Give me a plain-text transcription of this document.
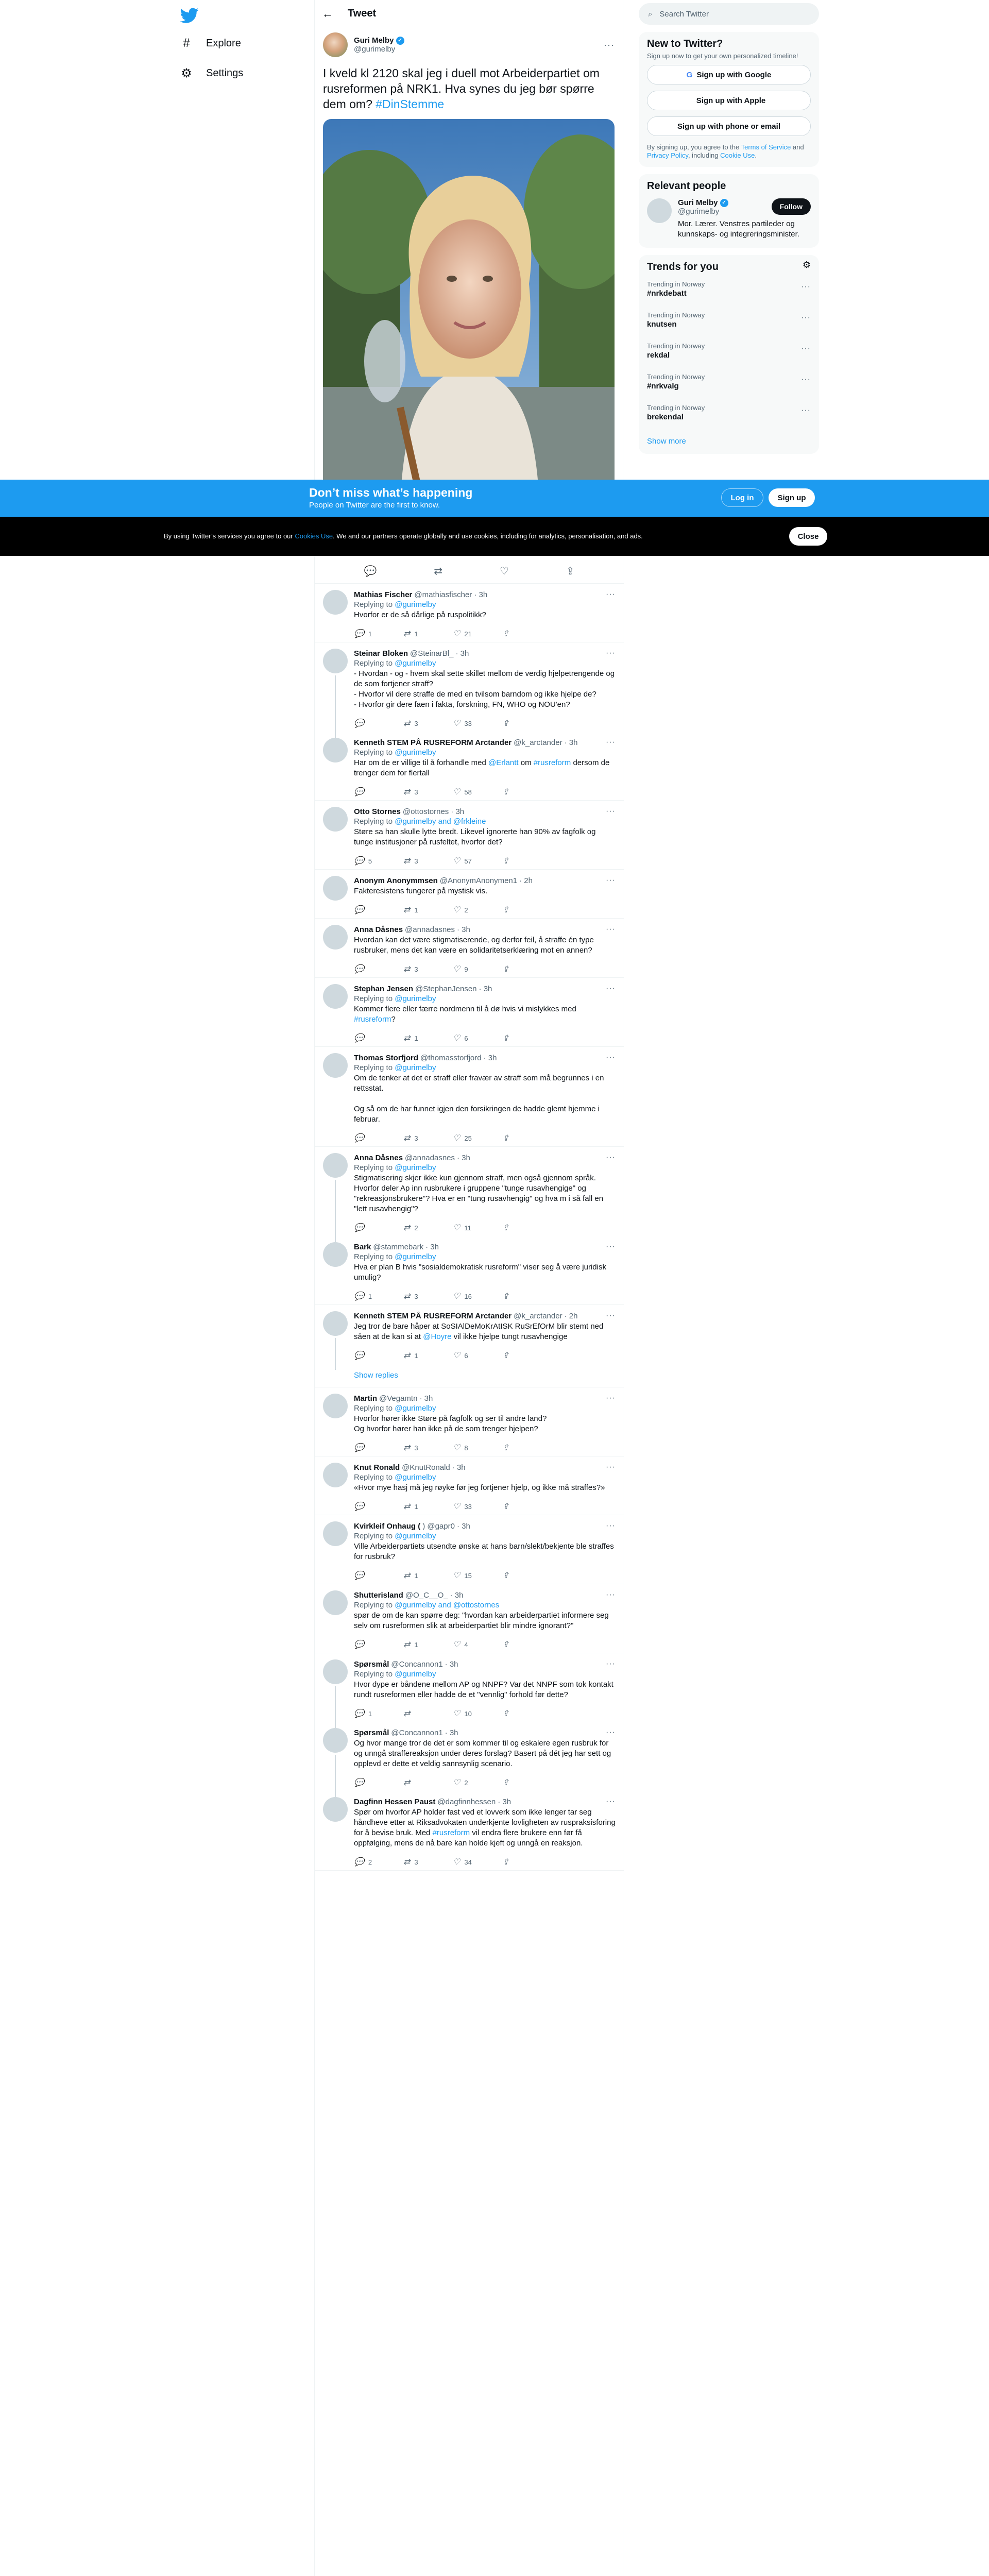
#	Explore
⚙ Settings
← Tweet
Guri Melby ✓
@gurimelby	···
I kveld kl 2120 skal jeg i duell mot Arbeiderpartiet om rusreformen på NRK1. Hva synes du jeg bør spørre dem om? #DinStemme
💬	⇄	♡	⇪
Mathias Fischer @mathiasfischer · 3h	···
Replying to @gurimelby
Hvorfor er de så dårlige på ruspolitikk?
💬 1	⇄ 1	♡ 21	⇪
Steinar Bloken @SteinarBl_ · 3h	···
Replying to @gurimelby
- Hvordan - og - hvem skal sette skillet mellom de verdig hjelpetrengende og de som fortjener straff?
- Hvorfor vil dere straffe de med en tvilsom barndom og ikke hjelpe de?
- Hvorfor gir dere faen i fakta, forskning, FN, WHO og NOU'en?
💬	⇄ 3	♡ 33	⇪
Kenneth STEM PÅ RUSREFORM Arctander @k_arctander · 3h	···
Replying to @gurimelby
Har om de er villige til å forhandle med @Erlantt om #rusreform dersom de trenger dem for flertall
💬	⇄ 3	♡ 58	⇪
Otto Stornes @ottostornes · 3h	···
Replying to @gurimelby and @frkleine
Støre sa han skulle lytte bredt. Likevel ignorerte han 90% av fagfolk og tunge institusjoner på rusfeltet, hvorfor det?
💬 5	⇄ 3	♡ 57	⇪
Anonym Anonymmsen @AnonymAnonymen1 · 2h	···
Fakteresistens fungerer på mystisk vis.
💬	⇄ 1	♡ 2	⇪
Anna Dåsnes @annadasnes · 3h	···
Hvordan kan det være stigmatiserende, og derfor feil, å straffe én type rusbruker, mens det kan være en solidaritetserklæring mot en annen?
💬	⇄ 3	♡ 9	⇪
Stephan Jensen @StephanJensen · 3h	···
Replying to @gurimelby
Kommer flere eller færre nordmenn til å dø hvis vi mislykkes med #rusreform?
💬	⇄ 1	♡ 6	⇪
Thomas Storfjord @thomasstorfjord · 3h	···
Replying to @gurimelby
Om de tenker at det er straff eller fravær av straff som må begrunnes i en rettsstat.

Og så om de har funnet igjen den forsikringen de hadde glemt hjemme i februar.
💬	⇄ 3	♡ 25	⇪
Anna Dåsnes @annadasnes · 3h	···
Replying to @gurimelby
Stigmatisering skjer ikke kun gjennom straff, men også gjennom språk. Hvorfor deler Ap inn rusbrukere i gruppene "tunge rusavhengige" og "rekreasjonsbrukere"? Hva er en "tung rusavhengig" og hva m i så fall en "lett rusavhengig"?
💬	⇄ 2	♡ 11	⇪
Bark @stammebark · 3h	···
Replying to @gurimelby
Hva er plan B hvis "sosialdemokratisk rusreform" viser seg å være juridisk umulig?
💬 1	⇄ 3	♡ 16	⇪
Kenneth STEM PÅ RUSREFORM Arctander @k_arctander · 2h	···
Jeg tror de bare håper at SoSIAlDeMoKrAtISK RuSrEfOrM blir stemt ned såen at de kan si at @Hoyre vil ikke hjelpe tungt rusavhengige
💬	⇄ 1	♡ 6	⇪
Show replies
Martin @Vegamtn · 3h	···
Replying to @gurimelby
Hvorfor hører ikke Støre på fagfolk og ser til andre land?
Og hvorfor hører han ikke på de som trenger hjelpen?
💬	⇄ 3	♡ 8	⇪
Knut Ronald @KnutRonald · 3h	···
Replying to @gurimelby
«Hvor mye hasj må jeg røyke før jeg fortjener hjelp, og ikke må straffes?»
💬	⇄ 1	♡ 33	⇪
Kvirkleif Onhaug ( ) @gapr0 · 3h	···
Replying to @gurimelby
Ville Arbeiderpartiets utsendte ønske at hans barn/slekt/bekjente ble straffes for rusbruk?
💬	⇄ 1	♡ 15	⇪
Shutterisland @O_C__O_ · 3h	···
Replying to @gurimelby and @ottostornes
spør de om de kan spørre deg: "hvordan kan arbeiderpartiet informere seg selv om rusreformen slik at arbeiderpartiet blir mindre ignorant?"
💬	⇄ 1	♡ 4	⇪
Spørsmål @Concannon1 · 3h	···
Replying to @gurimelby
Hvor dype er båndene mellom AP og NNPF? Var det NNPF som tok kontakt rundt rusreformen eller hadde de et "vennlig" forhold før dette?
💬 1	⇄	♡ 10	⇪
Spørsmål @Concannon1 · 3h	···
Og hvor mange tror de det er som kommer til og eskalere egen rusbruk for og unngå straffereaksjon under deres forslag? Basert på dét jeg har sett og opplevd er dette et veldig sannsynlig scenario.
💬	⇄	♡ 2	⇪
Dagfinn Hessen Paust @dagfinnhessen · 3h	···
Spør om hvorfor AP holder fast ved et lovverk som ikke lenger tar seg håndheve etter at Riksadvokaten underkjente lovligheten av ruspraksisforing for å bevise bruk. Med #rusreform vil endra flere brukere enn før få oppfølging, mens de nå bare kan holde kjeft og unngå en reaksjon.
💬 2	⇄ 3	♡ 34	⇪
⌕ Search Twitter
New to Twitter?
Sign up now to get your own personalized timeline!
G Sign up with Google
Sign up with Apple
Sign up with phone or email
By signing up, you agree to the Terms of Service and Privacy Policy, including Cookie Use.
Relevant people
Guri Melby ✓
@gurimelby
Follow
Mor. Lærer. Venstres partileder og kunnskaps- og integreringsminister.
Trends for you	⚙
Trending in Norway
#nrkdebatt
···
Trending in Norway
knutsen
···
Trending in Norway
rekdal
···
Trending in Norway
#nrkvalg
···
Trending in Norway
brekendal
···
Show more
Don’t miss what’s happening
People on Twitter are the first to know.
Log in	Sign up
By using Twitter’s services you agree to our Cookies Use. We and our partners operate globally and use cookies, including for analytics, personalisation, and ads.	Close
